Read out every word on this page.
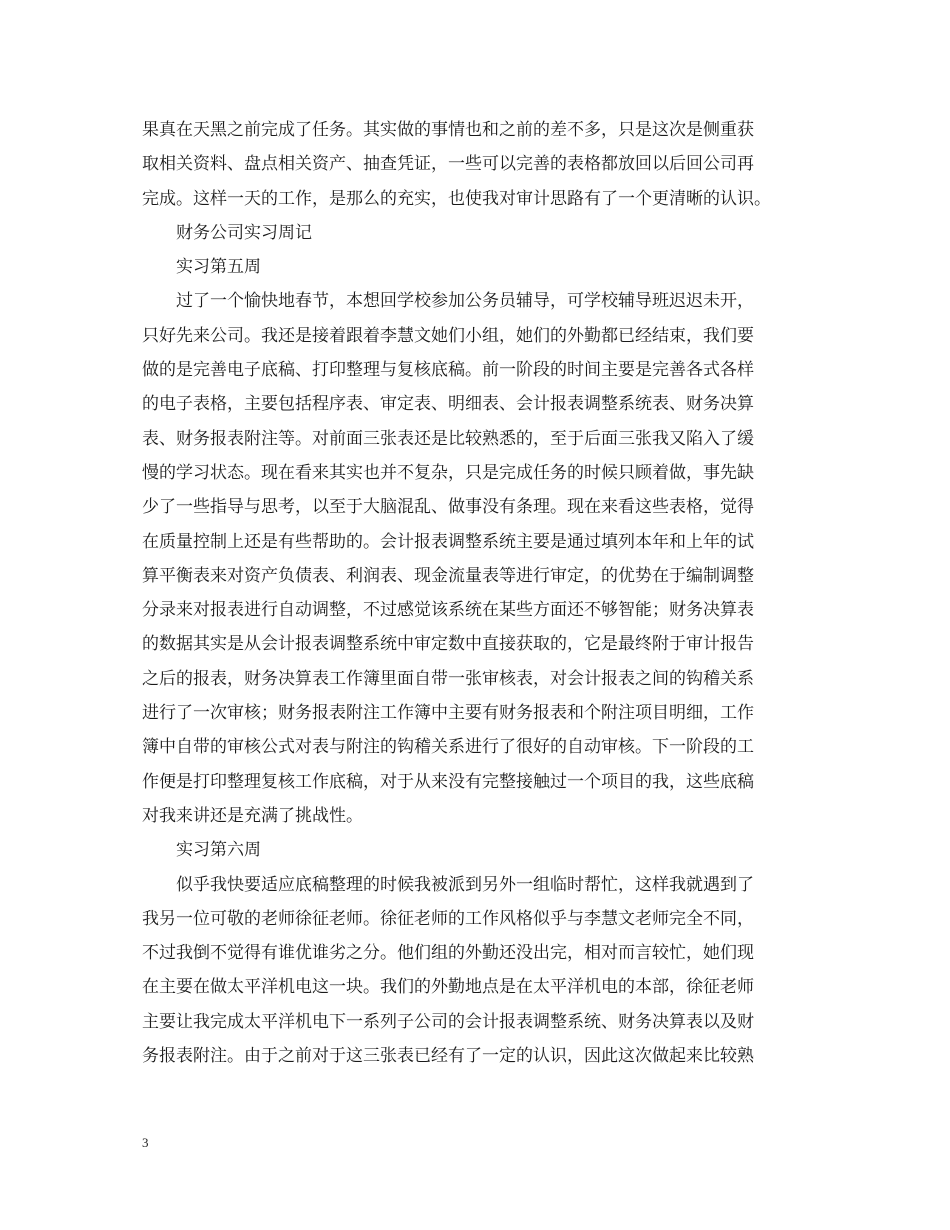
果真在天黑之前完成了任务。其实做的事情也和之前的差不多，只是这次是侧重获
取相关资料、盘点相关资产、抽查凭证，一些可以完善的表格都放回以后回公司再
完成。这样一天的工作，是那么的充实，也使我对审计思路有了一个更清晰的认识。
财务公司实习周记
实习第五周
过了一个愉快地春节，本想回学校参加公务员辅导，可学校辅导班迟迟未开，
只好先来公司。我还是接着跟着李慧文她们小组，她们的外勤都已经结束，我们要
做的是完善电子底稿、打印整理与复核底稿。前一阶段的时间主要是完善各式各样
的电子表格，主要包括程序表、审定表、明细表、会计报表调整系统表、财务决算
表、财务报表附注等。对前面三张表还是比较熟悉的，至于后面三张我又陷入了缓
慢的学习状态。现在看来其实也并不复杂，只是完成任务的时候只顾着做，事先缺
少了一些指导与思考，以至于大脑混乱、做事没有条理。现在来看这些表格，觉得
在质量控制上还是有些帮助的。会计报表调整系统主要是通过填列本年和上年的试
算平衡表来对资产负债表、利润表、现金流量表等进行审定，的优势在于编制调整
分录来对报表进行自动调整，不过感觉该系统在某些方面还不够智能；财务决算表
的数据其实是从会计报表调整系统中审定数中直接获取的，它是最终附于审计报告
之后的报表，财务决算表工作簿里面自带一张审核表，对会计报表之间的钩稽关系
进行了一次审核；财务报表附注工作簿中主要有财务报表和个附注项目明细，工作
簿中自带的审核公式对表与附注的钩稽关系进行了很好的自动审核。下一阶段的工
作便是打印整理复核工作底稿，对于从来没有完整接触过一个项目的我，这些底稿
对我来讲还是充满了挑战性。
实习第六周
似乎我快要适应底稿整理的时候我被派到另外一组临时帮忙，这样我就遇到了
我另一位可敬的老师徐征老师。徐征老师的工作风格似乎与李慧文老师完全不同，
不过我倒不觉得有谁优谁劣之分。他们组的外勤还没出完，相对而言较忙，她们现
在主要在做太平洋机电这一块。我们的外勤地点是在太平洋机电的本部，徐征老师
主要让我完成太平洋机电下一系列子公司的会计报表调整系统、财务决算表以及财
务报表附注。由于之前对于这三张表已经有了一定的认识，因此这次做起来比较熟
3
